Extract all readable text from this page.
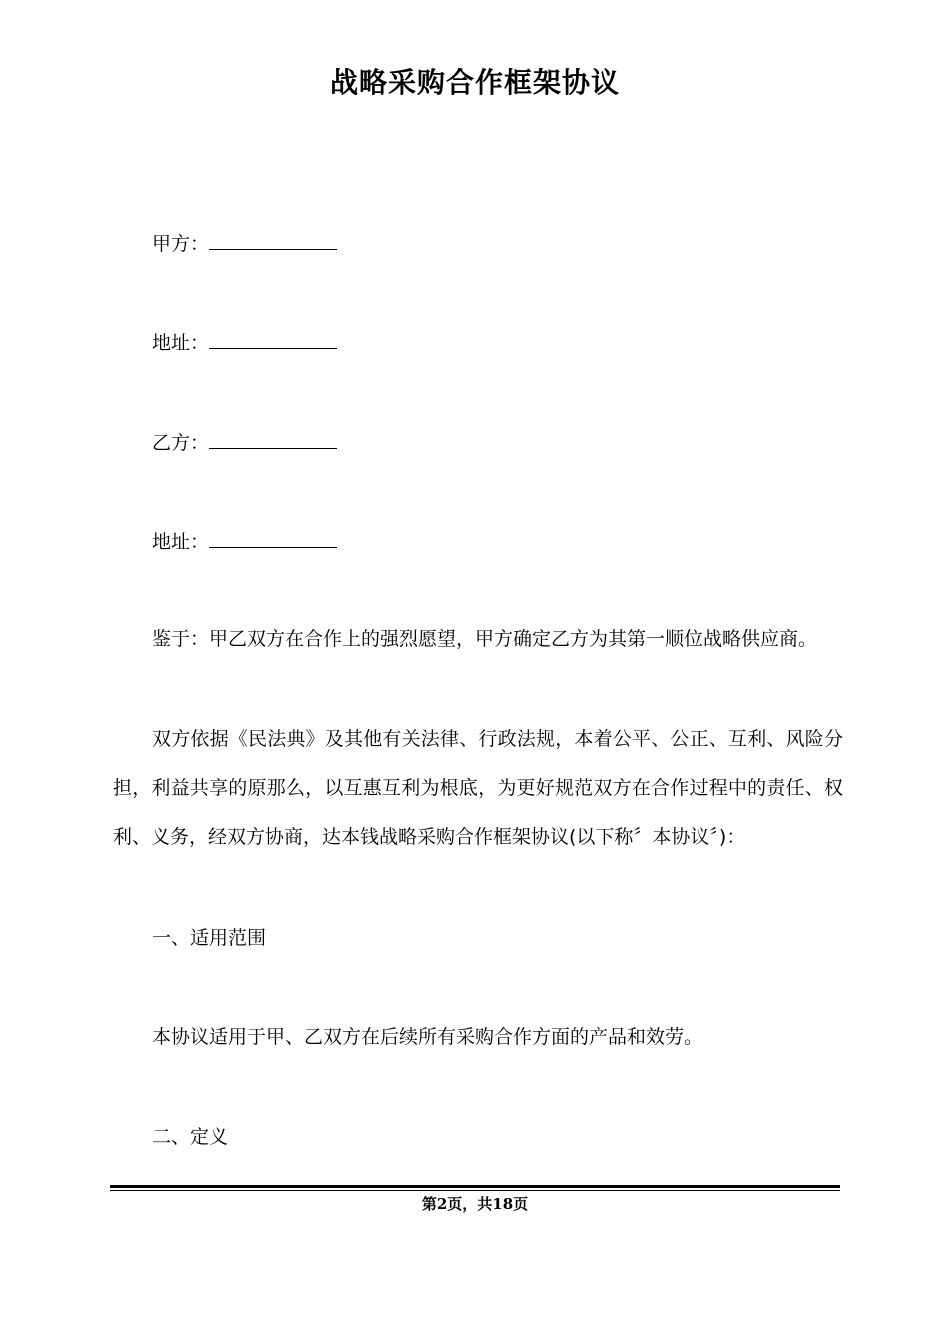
战略采购合作框架协议
甲方：
地址：
乙方：
地址：
鉴于：甲乙双方在合作上的强烈愿望，甲方确定乙方为其第一顺位战略供应商。
双方依据《民法典》及其他有关法律、行政法规，本着公平、公正、互利、风险分担，利益共享的原那么，以互惠互利为根底，为更好规范双方在合作过程中的责任、权利、义务，经双方协商，达本钱战略采购合作框架协议(以下称〞本协议〞)：
一、适用范围
本协议适用于甲、乙双方在后续所有采购合作方面的产品和效劳。
二、定义
第2页，共18页
